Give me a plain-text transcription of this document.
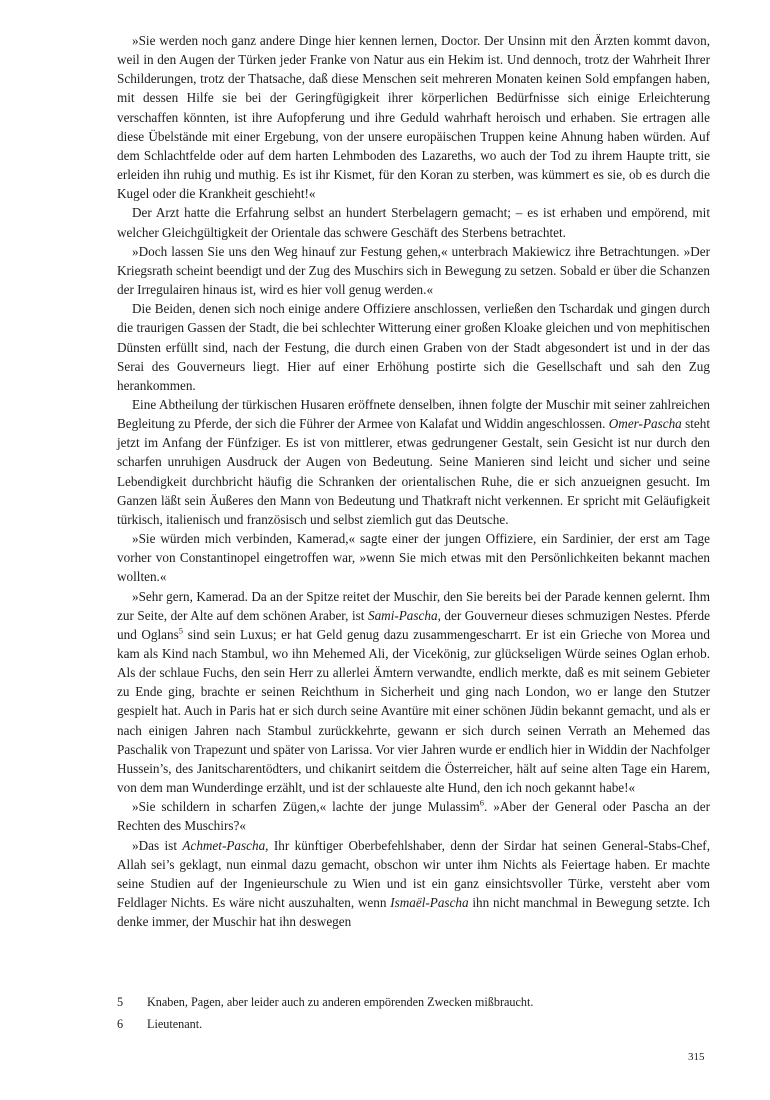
»Sie werden noch ganz andere Dinge hier kennen lernen, Doctor. Der Unsinn mit den Ärzten kommt davon, weil in den Augen der Türken jeder Franke von Natur aus ein Hekim ist. Und dennoch, trotz der Wahrheit Ihrer Schilderungen, trotz der Thatsache, daß diese Menschen seit mehreren Monaten keinen Sold empfangen haben, mit dessen Hilfe sie bei der Geringfügigkeit ihrer körperlichen Bedürfnisse sich einige Erleichterung verschaffen könnten, ist ihre Aufopferung und ihre Geduld wahrhaft heroisch und erhaben. Sie ertragen alle diese Übelstände mit einer Ergebung, von der unsere europäischen Truppen keine Ahnung haben würden. Auf dem Schlachtfelde oder auf dem harten Lehmboden des Lazareths, wo auch der Tod zu ihrem Haupte tritt, sie erleiden ihn ruhig und muthig. Es ist ihr Kismet, für den Koran zu sterben, was kümmert es sie, ob es durch die Kugel oder die Krankheit geschieht!«

Der Arzt hatte die Erfahrung selbst an hundert Sterbelagern gemacht; – es ist erhaben und empörend, mit welcher Gleichgültigkeit der Orientale das schwere Geschäft des Sterbens betrachtet.

»Doch lassen Sie uns den Weg hinauf zur Festung gehen,« unterbrach Makiewicz ihre Betrachtungen. »Der Kriegsrath scheint beendigt und der Zug des Muschirs sich in Bewegung zu setzen. Sobald er über die Schanzen der Irregulairen hinaus ist, wird es hier voll genug werden.«

Die Beiden, denen sich noch einige andere Offiziere anschlossen, verließen den Tschardak und gingen durch die traurigen Gassen der Stadt, die bei schlechter Witterung einer großen Kloake gleichen und von mephitischen Dünsten erfüllt sind, nach der Festung, die durch einen Graben von der Stadt abgesondert ist und in der das Serai des Gouverneurs liegt. Hier auf einer Erhöhung postirte sich die Gesellschaft und sah den Zug herankommen.

Eine Abtheilung der türkischen Husaren eröffnete denselben, ihnen folgte der Muschir mit seiner zahlreichen Begleitung zu Pferde, der sich die Führer der Armee von Kalafat und Widdin angeschlossen. Omer-Pascha steht jetzt im Anfang der Fünfziger. Es ist von mittlerer, etwas gedrungener Gestalt, sein Gesicht ist nur durch den scharfen unruhigen Ausdruck der Augen von Bedeutung. Seine Manieren sind leicht und sicher und seine Lebendigkeit durchbricht häufig die Schranken der orientalischen Ruhe, die er sich anzueignen gesucht. Im Ganzen läßt sein Äußeres den Mann von Bedeutung und Thatkraft nicht verkennen. Er spricht mit Geläufigkeit türkisch, italienisch und französisch und selbst ziemlich gut das Deutsche.

»Sie würden mich verbinden, Kamerad,« sagte einer der jungen Offiziere, ein Sardinier, der erst am Tage vorher von Constantinopel eingetroffen war, »wenn Sie mich etwas mit den Persönlichkeiten bekannt machen wollten.«

»Sehr gern, Kamerad. Da an der Spitze reitet der Muschir, den Sie bereits bei der Parade kennen gelernt. Ihm zur Seite, der Alte auf dem schönen Araber, ist Sami-Pascha, der Gouverneur dieses schmuzigen Nestes. Pferde und Oglans$^5$ sind sein Luxus; er hat Geld genug dazu zusammengescharrt. Er ist ein Grieche von Morea und kam als Kind nach Stambul, wo ihn Mehemed Ali, der Vicekönig, zur glückseligen Würde seines Oglan erhob. Als der schlaue Fuchs, den sein Herr zu allerlei Ämtern verwandte, endlich merkte, daß es mit seinem Gebieter zu Ende ging, brachte er seinen Reichthum in Sicherheit und ging nach London, wo er lange den Stutzer gespielt hat. Auch in Paris hat er sich durch seine Avantüre mit einer schönen Jüdin bekannt gemacht, und als er nach einigen Jahren nach Stambul zurückkehrte, gewann er sich durch seinen Verrath an Mehemed das Paschalik von Trapezunt und später von Larissa. Vor vier Jahren wurde er endlich hier in Widdin der Nachfolger Hussein’s, des Janitscharentödters, und chikanirt seitdem die Österreicher, hält auf seine alten Tage ein Harem, von dem man Wunderdinge erzählt, und ist der schlaueste alte Hund, den ich noch gekannt habe!«

»Sie schildern in scharfen Zügen,« lachte der junge Mulassim$^6$. »Aber der General oder Pascha an der Rechten des Muschirs?«

»Das ist Achmet-Pascha, Ihr künftiger Oberbefehlshaber, denn der Sirdar hat seinen General-Stabs-Chef, Allah sei’s geklagt, nun einmal dazu gemacht, obschon wir unter ihm Nichts als Feiertage haben. Er machte seine Studien auf der Ingenieurschule zu Wien und ist ein ganz einsichtsvoller Türke, versteht aber vom Feldlager Nichts. Es wäre nicht auszuhalten, wenn Ismaël-Pascha ihn nicht manchmal in Bewegung setzte. Ich denke immer, der Muschir hat ihn deswegen

5	Knaben, Pagen, aber leider auch zu anderen empörenden Zwecken mißbraucht.
6	Lieutenant.
315
